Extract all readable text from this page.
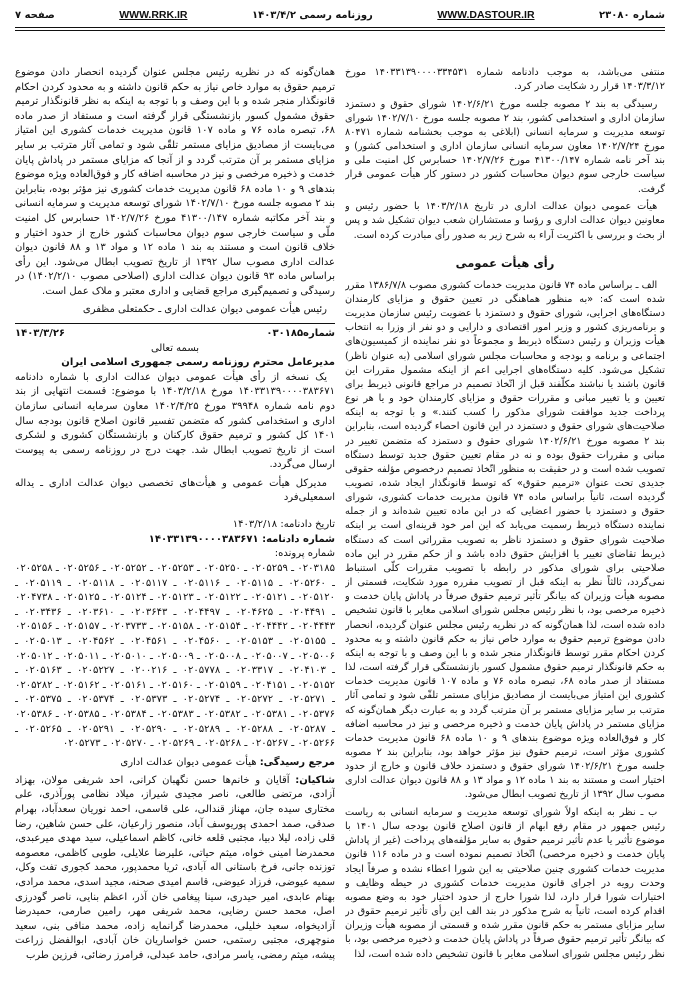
شماره ۲۳۰۸۰
WWW.DASTOUR.IR
روزنامه رسمی ۱۴۰۳/۴/۲
WWW.RRK.IR
صفحه ۷

منتفی می‌باشد، به موجب دادنامه شماره ۱۴۰۳۳۱۳۹۰۰۰۰۳۳۴۵۳۱ مورخ ۱۴۰۳/۳/۱۲ قرار رد شکایت صادر کرد.

رسیدگی به بند ۲ مصوبه جلسه مورخ ۱۴۰۲/۶/۲۱ شورای حقوق و دستمزد سازمان اداری و استخدامی کشور، بند ۲ مصوبه جلسه مورخ ۱۴۰۲/۷/۱۰ شورای توسعه مدیریت و سرمایه انسانی (ابلاغی به موجب بخشنامه شماره ۸۰۴۷۱ مورخ ۱۴۰۲/۷/۲۴ معاون سرمایه انسانی سازمان اداری و استخدامی کشور) و بند آخر نامه شماره ۴۱۳۰۰/۱۴۷ مورخ ۱۴۰۲/۷/۲۶ حسابرس کل امنیت ملی و سیاست خارجی سوم دیوان محاسبات کشور در دستور کار هیأت عمومی قرار گرفت.

هیأت عمومی دیوان عدالت اداری در تاریخ ۱۴۰۳/۲/۱۸ با حضور رئیس و معاونین دیوان عدالت اداری و رؤسا و مستشاران شعب دیوان تشکیل شد و پس از بحث و بررسی با اکثریت آراء به شرح زیر به صدور رأی مبادرت کرده است.

رأی هیأت عمومی

الف ـ براساس ماده ۷۴ قانون مدیریت خدمات کشوری مصوب ۱۳۸۶/۷/۸ مقرر شده است که: «به منظور هماهنگی در تعیین حقوق و مزایای کارمندان دستگاه‌های اجرایی، شورای حقوق و دستمزد با عضویت رئیس سازمان مدیریت و برنامه‌ریزی کشور و وزیر امور اقتصادی و دارایی و دو نفر از وزرا به انتخاب هیأت وزیران و رئیس دستگاه ذیربط و مجموعاً دو نفر نماینده از کمیسیون‌های اجتماعی و برنامه و بودجه و محاسبات مجلس شورای اسلامی (به عنوان ناظر) تشکیل می‌شود. کلیه دستگاه‌های اجرایی اعم از اینکه مشمول مقررات این قانون باشند یا نباشند مکلّفند قبل از اتّخاذ تصمیم در مراجع قانونی ذیربط برای تعیین و یا تغییر مبانی و مقررات حقوق و مزایای کارمندان خود و یا هر نوع پرداخت جدید موافقت شورای مذکور را کسب کنند.» و با توجه به اینکه صلاحیت‌های شورای حقوق و دستمزد در این قانون احصاء گردیده است، بنابراین بند ۲ مصوبه مورخ ۱۴۰۲/۶/۲۱ شورای حقوق و دستمزد که متضمن تغییر در مبانی و مقررات حقوق بوده و نه در مقام تعیین حقوق جدید توسط دستگاه تصویب شده است و در حقیقت به منظور اتّخاذ تصمیم درخصوص مؤلفه حقوقی جدیدی تحت عنوان «ترمیم حقوق» که توسط قانونگذار ایجاد شده، تصویب گردیده است، ثانیاً براساس ماده ۷۴ قانون مدیریت خدمات کشوری، شورای حقوق و دستمزد با حضور اعضایی که در این ماده تعیین شده‌اند و از جمله نماینده دستگاه ذیربط رسمیت می‌یابد که این امر خود قرینه‌ای است بر اینکه صلاحیت شورای حقوق و دستمزد ناظر به تصویب مقرراتی است که دستگاه ذیربط تقاضای تغییر یا افزایش حقوق داده باشد و از حکم مقرر در این ماده صلاحیتی برای شورای مذکور در رابطه با تصویب مقررات کلّی استنباط نمی‌گردد، ثالثاً نظر به اینکه قبل از تصویب مقرره مورد شکایت، قسمتی از مصوبه هیأت وزیران که بیانگر تأثیر ترمیم حقوق صرفاً در پاداش پایان خدمت و ذخیره مرخصی بود، با نظر رئیس مجلس شورای اسلامی مغایر با قانون تشخیص داده شده است، لذا همان‌گونه که در نظریه رئیس مجلس عنوان گردیده، انحصار دادن موضوع ترمیم حقوق به موارد خاص نیاز به حکم قانون داشته و به محدود کردن احکام مقرر توسط قانونگذار منجر شده و با این وصف و با توجه به اینکه به حکم قانونگذار ترمیم حقوق مشمول کسور بازنشستگی قرار گرفته است، لذا مستفاد از صدر ماده ۶۸، تبصره ماده ۷۶ و ماده ۱۰۷ قانون مدیریت خدمات کشوری این امتیاز می‌بایست از مصادیق مزایای مستمر تلقّی شود و تمامی آثار مترتب بر سایر مزایای مستمر بر آن مترتب گردد و به عبارت دیگر همان‌گونه که مزایای مستمر در پاداش پایان خدمت و ذخیره مرخصی و نیز در محاسبه اضافه کار و فوق‌العاده ویژه موضوع بندهای ۹ و ۱۰ ماده ۶۸ قانون مدیریت خدمات کشوری مؤثر است، ترمیم حقوق نیز مؤثر خواهد بود، بنابراین بند ۲ مصوبه جلسه مورخ ۱۴۰۲/۶/۲۱ شورای حقوق و دستمزد خلاف قانون و خارج از حدود اختیار است و مستند به بند ۱ ماده ۱۲ و مواد ۱۳ و ۸۸ قانون دیوان عدالت اداری مصوب سال ۱۳۹۲ از تاریخ تصویب ابطال می‌شود.

ب ـ نظر به اینکه اولاً شورای توسعه مدیریت و سرمایه انسانی به ریاست رئیس جمهور در مقام رفع ابهام از قانون اصلاح قانون بودجه سال ۱۴۰۱ با موضوع تأثیر یا عدم تأثیر ترمیم حقوق به سایر مؤلفه‌های پرداخت (غیر از پاداش پایان خدمت و ذخیره مرخصی) اتّخاذ تصمیم نموده است و در ماده ۱۱۶ قانون مدیریت خدمات کشوری چنین صلاحیتی به این شورا اعطاء نشده و صرفاً ایجاد وحدت رویه در اجرای قانون مدیریت خدمات کشوری در حیطه وظایف و اختیارات شورا قرار دارد، لذا شورا خارج از حدود اختیار خود به وضع مصوبه اقدام کرده است، ثانیاً به شرح مذکور در بند الف این رأی تأثیر ترمیم حقوق در سایر مزایای مستمر به حکم قانون مقرر شده و قسمتی از مصوبه هیأت وزیران که بیانگر تأثیر ترمیم حقوق صرفاً در پاداش پایان خدمت و ذخیره مرخصی بود، با نظر رئیس مجلس شورای اسلامی مغایر با قانون تشخیص داده شده است، لذا

همان‌گونه که در نظریه رئیس مجلس عنوان گردیده انحصار دادن موضوع ترمیم حقوق به موارد خاص نیاز به حکم قانون داشته و به محدود کردن احکام قانونگذار منجر شده و با این وصف و با توجه به اینکه به نظر قانونگذار ترمیم حقوق مشمول کسور بازنشستگی قرار گرفته است و مستفاد از صدر ماده ۶۸، تبصره ماده ۷۶ و ماده ۱۰۷ قانون مدیریت خدمات کشوری این امتیاز می‌بایست از مصادیق مزایای مستمر تلقّی شود و تمامی آثار مترتب بر سایر مزایای مستمر بر آن مترتب گردد و از آنجا که مزایای مستمر در پاداش پایان خدمت و ذخیره مرخصی و نیز در محاسبه اضافه کار و فوق‌العاده ویژه موضوع بندهای ۹ و ۱۰ ماده ۶۸ قانون مدیریت خدمات کشوری نیز مؤثر بوده، بنابراین بند ۲ مصوبه جلسه مورخ ۱۴۰۲/۷/۱۰ شورای توسعه مدیریت و سرمایه انسانی و بند آخر مکاتبه شماره ۴۱۳۰۰/۱۴۷ مورخ ۱۴۰۲/۷/۲۶ حسابرس کل امنیت ملّی و سیاست خارجی سوم دیوان محاسبات کشور خارج از حدود اختیار و خلاف قانون است و مستند به بند ۱ ماده ۱۲ و مواد ۱۳ و ۸۸ قانون دیوان عدالت اداری مصوب سال ۱۳۹۲ از تاریخ تصویب ابطال می‌شود. این رأی براساس ماده ۹۳ قانون دیوان عدالت اداری (اصلاحی مصوب ۱۴۰۲/۲/۱۰) در رسیدگی و تصمیم‌گیری مراجع قضایی و اداری معتبر و ملاک عمل است.

رئیس هیأت عمومی دیوان عدالت اداری ـ حکمتعلی مظفری

شماره۰۳۰۱۸۵
۱۴۰۳/۳/۲۶
بسمه تعالی
مدیرعامل محترم روزنامه رسمی جمهوری اسلامی ایران

یک نسخه از رأی هیأت عمومی دیوان عدالت اداری با شماره دادنامه ۱۴۰۳۳۱۳۹۰۰۰۰۳۸۳۶۷۱ مورخ ۱۴۰۳/۲/۱۸ با موضوع: قسمت انتهایی از بند دوم نامه شماره ۳۹۹۴۸ مورخ ۱۴۰۲/۴/۲۵ معاون سرمایه انسانی سازمان اداری و استخدامی کشور که متضمن تفسیر قانون اصلاح قانون بودجه سال ۱۴۰۱ کل کشور و ترمیم حقوق کارکنان و بازنشستگان کشوری و لشکری است از تاریخ تصویب ابطال شد. جهت درج در روزنامه رسمی به پیوست ارسال می‌گردد.

مدیرکل هیأت عمومی و هیأت‌های تخصصی دیوان عدالت اداری ـ یداله اسمعیلی‌فرد

تاریخ دادنامه: ۱۴۰۳/۲/۱۸
شماره دادنامه: ۱۴۰۳۳۱۳۹۰۰۰۰۳۸۳۶۷۱
شماره پرونده:
۰۲۰۳۱۸۵ ـ ۰۲۰۵۲۵۹ ـ ۰۲۰۵۲۵۰ ـ ۰۲۰۵۲۵۳ ـ ۰۲۰۵۲۵۲ ـ ۰۲۰۵۲۵۶ ـ ۰۲۰۵۲۵۸ ـ ۰۲۰۵۲۶۰ ـ ۰۲۰۵۱۱۵ ـ ۰۲۰۵۱۱۶ ـ ۰۲۰۵۱۱۷ ـ ۰۲۰۵۱۱۸ ـ ۰۲۰۵۱۱۹ ـ ۰۲۰۵۱۲۰ ـ ۰۲۰۵۱۲۱ ـ ۰۲۰۵۱۲۲ ـ ۰۲۰۵۱۲۳ ـ ۰۲۰۵۱۲۴ ـ ۰۲۰۵۱۲۵ ـ ۰۲۰۴۷۳۸ ـ ۰۲۰۴۴۹۱ ـ ۰۲۰۴۶۲۵ ـ ۰۲۰۴۴۹۷ ـ ۰۲۰۳۶۴۳ ـ ۰۲۰۳۶۱۰ ـ ۰۲۰۳۴۳۶ ـ ۰۲۰۴۴۴۳ ـ ۰۲۰۴۴۴۲ ـ ۰۲۰۵۱۵۴ ـ ۰۲۰۵۱۵۸ ـ ۰۲۰۳۷۳۳ ـ ۰۲۰۵۱۵۷ ـ ۰۲۰۵۱۵۶ ـ ۰۲۰۵۱۵۵ ـ ۰۲۰۵۱۵۳ ـ ۰۲۰۴۵۶۰ ـ ۰۲۰۴۵۶۱ ـ ۰۲۰۴۵۶۲ ـ ۰۲۰۵۰۱۳ ـ ۰۲۰۵۰۰۶ ـ ۰۲۰۵۰۰۷ ـ ۰۲۰۵۰۰۸ ـ ۰۲۰۵۰۰۹ ـ ۰۲۰۵۰۱۰ ـ ۰۲۰۵۰۱۱ ـ ۰۲۰۵۰۱۲ ـ ۰۲۰۴۱۰۳ ـ ۰۲۰۳۳۱۷ ـ ۰۲۰۵۷۷۸ ـ ۰۲۰۰۲۱۶ ـ ۰۲۰۵۲۲۷ ـ ۰۲۰۵۱۶۳ ـ ۰۲۰۵۱۵۲ ـ ۰۲۰۴۱۵۱ ـ ۰۲۰۵۱۵۹ ـ ۰۲۰۵۱۶۰ ـ ۰۲۰۵۱۶۱ ـ ۰۲۰۵۱۶۲ ـ ۰۲۰۵۲۸۲ ـ ۰۲۰۵۲۷۱ ـ ۰۲۰۵۲۷۲ ـ ۰۲۰۵۲۷۴ ـ ۰۲۰۵۳۷۳ ـ ۰۲۰۵۳۷۴ ـ ۰۲۰۵۳۷۵ ـ ۰۲۰۵۳۷۶ ـ ۰۲۰۵۳۸۱ ـ ۰۲۰۵۳۸۲ ـ ۰۲۰۵۳۸۳ ـ ۰۲۰۵۳۸۴ ـ ۰۲۰۵۳۸۵ ـ ۰۲۰۵۳۸۶ ـ ۰۲۰۵۲۸۷ ـ ۰۲۰۵۲۸۸ ـ ۰۲۰۵۲۸۹ ـ ۰۲۰۵۲۹۰ ـ ۰۲۰۵۲۹۱ ـ ۰۲۰۵۲۶۵ ـ ۰۲۰۵۲۶۶ ـ ۰۲۰۵۲۶۷ ـ ۰۲۰۵۲۶۸ ـ ۰۲۰۵۲۶۹ ـ ۰۲۰۵۲۷۰ ـ ۰۲۰۵۲۷۳

مرجع رسیدگی: هیأت عمومی دیوان عدالت اداری

شاکیان: آقایان و خانم‌ها حسن نگهبان کرانی، احد شریفی مولان، بهزاد آزادی، مرتضی طالعی، ناصر مجیدی شیراز، میلاد نظامی پورآذری، علی مختاری سیده جان، مهناز قندالی، علی قاسمی، احمد نوریان سعدآباد، بهرام صدقی، صمد احمدی پوریوسف آباد، منصور زارعیان، علی حسن شاهین، رضا قلی زاده، لیلا دبیا، مجتبی قلعه خانی، کاظم اسماعیلی، سید مهدی میرعبدی، محمدرضا امینی خواه، میثم حیاتی، علیرضا علایلی، طوبی کاظمی، معصومه توزنده جانی، فرخ باستانی اله آبادی، ثریا محمدپور، محمد کجوری تفت وکل، سمیه عیوضی، فرزاد عیوضی، قاسم امیدی صحنه، مجید اسدی، محمد مرادی، بهنام عابدی، امیر حیدری، سینا پیغامی خان آذر، اعظم بنایی، ناصر گودرزی اصل، محمد حسن رضایی، محمد شریفی مهر، رامین صارمی، حمیدرضا آزادیخواه، سعید خلیلی، محمدرضا گرانمایه زاده، محمد منافی بنی، سعید منوچهری، مجتبی رستمی، حسن خواساریان خان آبادی، ابوالفضل زراعت پیشه، میثم رمضی، یاسر مرادی، حامد عبدلی، فرامرز رضائی، فرزین طرب
